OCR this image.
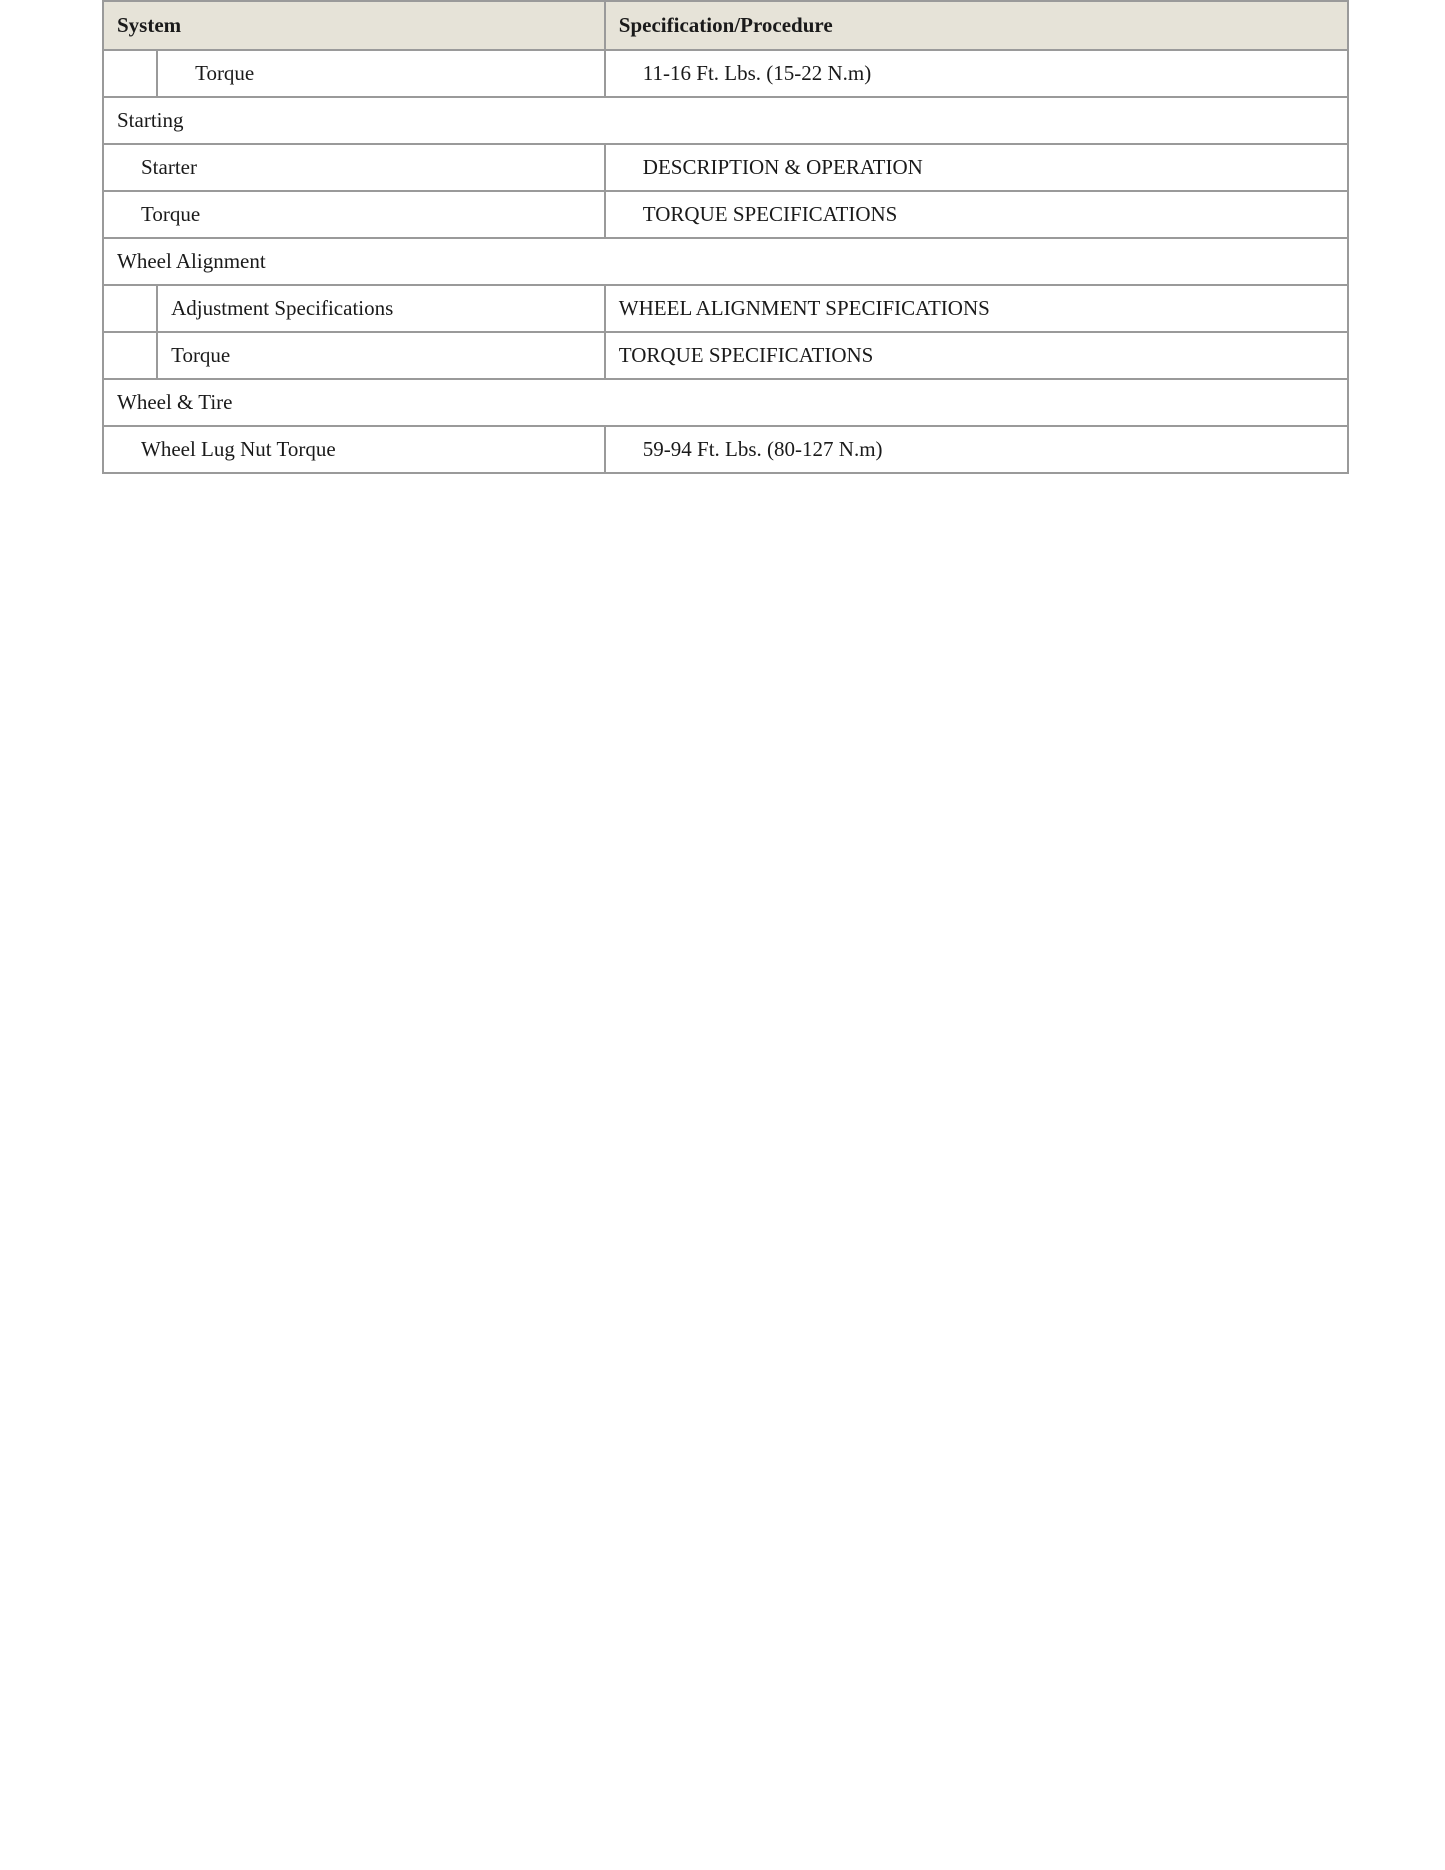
System		Specification/Procedure
	Torque	11-16 Ft. Lbs. (15-22 N.m)
Starting		
Starter		DESCRIPTION & OPERATION
Torque		TORQUE SPECIFICATIONS
Wheel Alignment		
	Adjustment Specifications	WHEEL ALIGNMENT SPECIFICATIONS
	Torque	TORQUE SPECIFICATIONS
Wheel & Tire		
Wheel Lug Nut Torque		59-94 Ft. Lbs. (80-127 N.m)
